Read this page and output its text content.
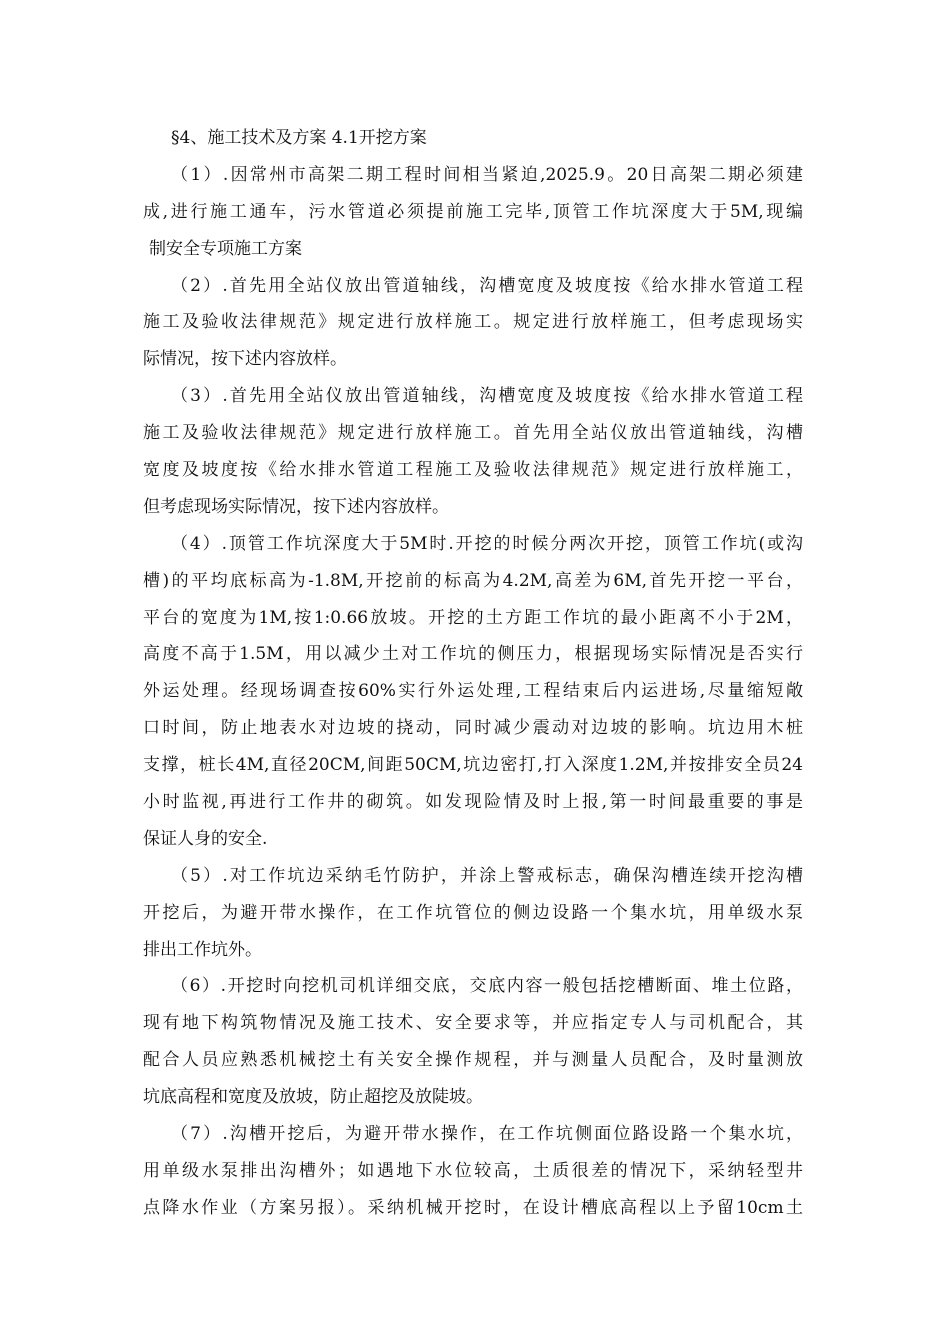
§4、施工技术及方案 4.1开挖方案
（1）.因常州市高架二期工程时间相当紧迫,2025.9。20日高架二期必须建
成,进行施工通车，污水管道必须提前施工完毕,顶管工作坑深度大于5M,现编
制安全专项施工方案
（2）.首先用全站仪放出管道轴线，沟槽宽度及坡度按《给水排水管道工程
施工及验收法律规范》规定进行放样施工。规定进行放样施工，但考虑现场实
际情况，按下述内容放样。
（3）.首先用全站仪放出管道轴线，沟槽宽度及坡度按《给水排水管道工程
施工及验收法律规范》规定进行放样施工。首先用全站仪放出管道轴线，沟槽
宽度及坡度按《给水排水管道工程施工及验收法律规范》规定进行放样施工，
但考虑现场实际情况，按下述内容放样。
（4）.顶管工作坑深度大于5M时.开挖的时候分两次开挖，顶管工作坑(或沟
槽)的平均底标高为-1.8M,开挖前的标高为4.2M,高差为6M,首先开挖一平台，
平台的宽度为1M,按1:0.66放坡。开挖的土方距工作坑的最小距离不小于2M，
高度不高于1.5M，用以减少土对工作坑的侧压力，根据现场实际情况是否实行
外运处理。经现场调查按60%实行外运处理,工程结束后内运进场,尽量缩短敞
口时间，防止地表水对边坡的挠动，同时减少震动对边坡的影响。坑边用木桩
支撑，桩长4M,直径20CM,间距50CM,坑边密打,打入深度1.2M,并按排安全员24
小时监视,再进行工作井的砌筑。如发现险情及时上报,第一时间最重要的事是
保证人身的安全.
（5）.对工作坑边采纳毛竹防护，并涂上警戒标志，确保沟槽连续开挖沟槽
开挖后，为避开带水操作，在工作坑管位的侧边设路一个集水坑，用单级水泵
排出工作坑外。
（6）.开挖时向挖机司机详细交底，交底内容一般包括挖槽断面、堆土位路，
现有地下构筑物情况及施工技术、安全要求等，并应指定专人与司机配合，其
配合人员应熟悉机械挖土有关安全操作规程，并与测量人员配合，及时量测放
坑底高程和宽度及放坡，防止超挖及放陡坡。
（7）.沟槽开挖后，为避开带水操作，在工作坑侧面位路设路一个集水坑，
用单级水泵排出沟槽外；如遇地下水位较高，土质很差的情况下，采纳轻型井
点降水作业（方案另报）。采纳机械开挖时，在设计槽底高程以上予留10cm土
